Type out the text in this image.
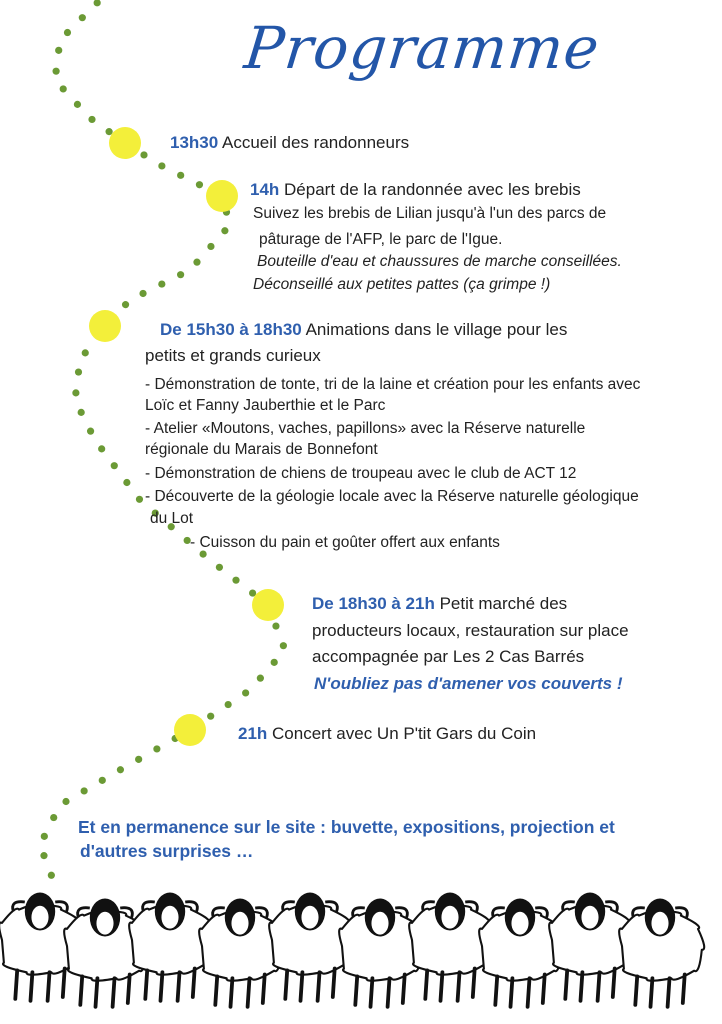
Programme
13h30 Accueil des randonneurs
14h Départ de la randonnée avec les brebis
Suivez les brebis de Lilian jusqu'à l'un des parcs de
pâturage de l'AFP, le parc de l'Igue.
Bouteille d'eau et chaussures de marche conseillées.
Déconseillé aux petites pattes (ça grimpe !)
De 15h30 à 18h30 Animations dans le village pour les
petits et grands curieux
- Démonstration de tonte, tri de la laine et création pour les enfants avec
Loïc et Fanny Jauberthie et le Parc
- Atelier «Moutons, vaches, papillons» avec la Réserve naturelle
régionale du Marais de Bonnefont
- Démonstration de chiens de troupeau avec le club de ACT 12
- Découverte de la géologie locale avec la Réserve naturelle géologique
du Lot
- Cuisson du pain et goûter offert aux enfants
De 18h30 à 21h Petit marché des
producteurs locaux, restauration sur place
accompagnée par Les 2 Cas Barrés
N'oubliez pas d'amener vos couverts !
21h Concert avec Un P'tit Gars du Coin
Et en permanence sur le site : buvette, expositions, projection et
d'autres surprises …
